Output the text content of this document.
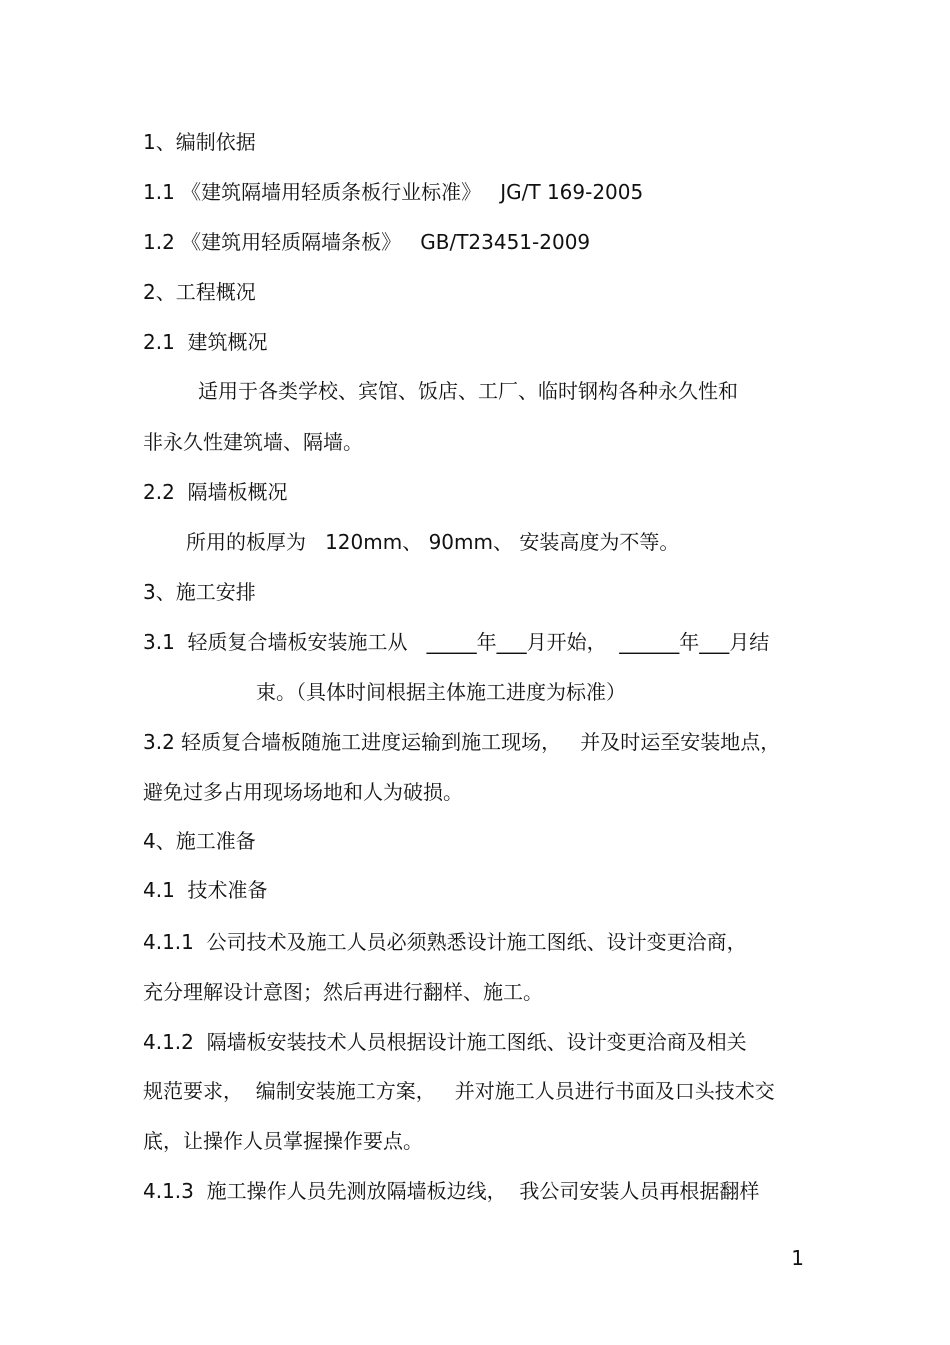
1、编制依据
1.1 《建筑隔墙用轻质条板行业标准》   JG/T 169-2005
1.2 《建筑用轻质隔墙条板》   GB/T23451-2009
2、工程概况
2.1  建筑概况
适用于各类学校、宾馆、饭店、工厂、临时钢构各种永久性和
非永久性建筑墙、隔墙。
2.2  隔墙板概况
所用的板厚为   120mm、 90mm、 安装高度为不等。
3、施工安排
3.1  轻质复合墙板安装施工从   _____年___月开始，  ______年___月结
束。（具体时间根据主体施工进度为标准）
3.2 轻质复合墙板随施工进度运输到施工现场，   并及时运至安装地点，
避免过多占用现场场地和人为破损。
4、施工准备
4.1  技术准备
4.1.1  公司技术及施工人员必须熟悉设计施工图纸、设计变更洽商，
充分理解设计意图；然后再进行翻样、施工。
4.1.2  隔墙板安装技术人员根据设计施工图纸、设计变更洽商及相关
规范要求，  编制安装施工方案，   并对施工人员进行书面及口头技术交
底，让操作人员掌握操作要点。
4.1.3  施工操作人员先测放隔墙板边线，  我公司安装人员再根据翻样
1
